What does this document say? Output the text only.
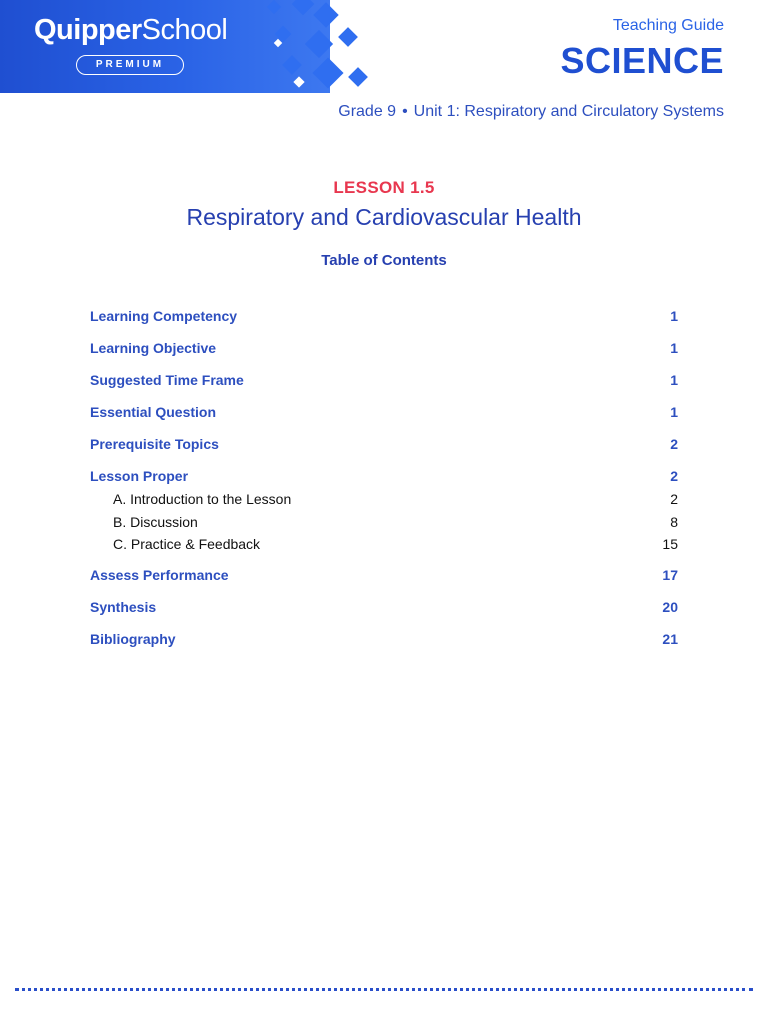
QuipperSchool
PREMIUM
Teaching Guide
SCIENCE
Grade 9 • Unit 1: Respiratory and Circulatory Systems
LESSON 1.5
Respiratory and Cardiovascular Health
Table of Contents
Learning Competency	1
Learning Objective	1
Suggested Time Frame	1
Essential Question	1
Prerequisite Topics	2
Lesson Proper	2
A. Introduction to the Lesson	2
B. Discussion	8
C. Practice & Feedback	15
Assess Performance	17
Synthesis	20
Bibliography	21
